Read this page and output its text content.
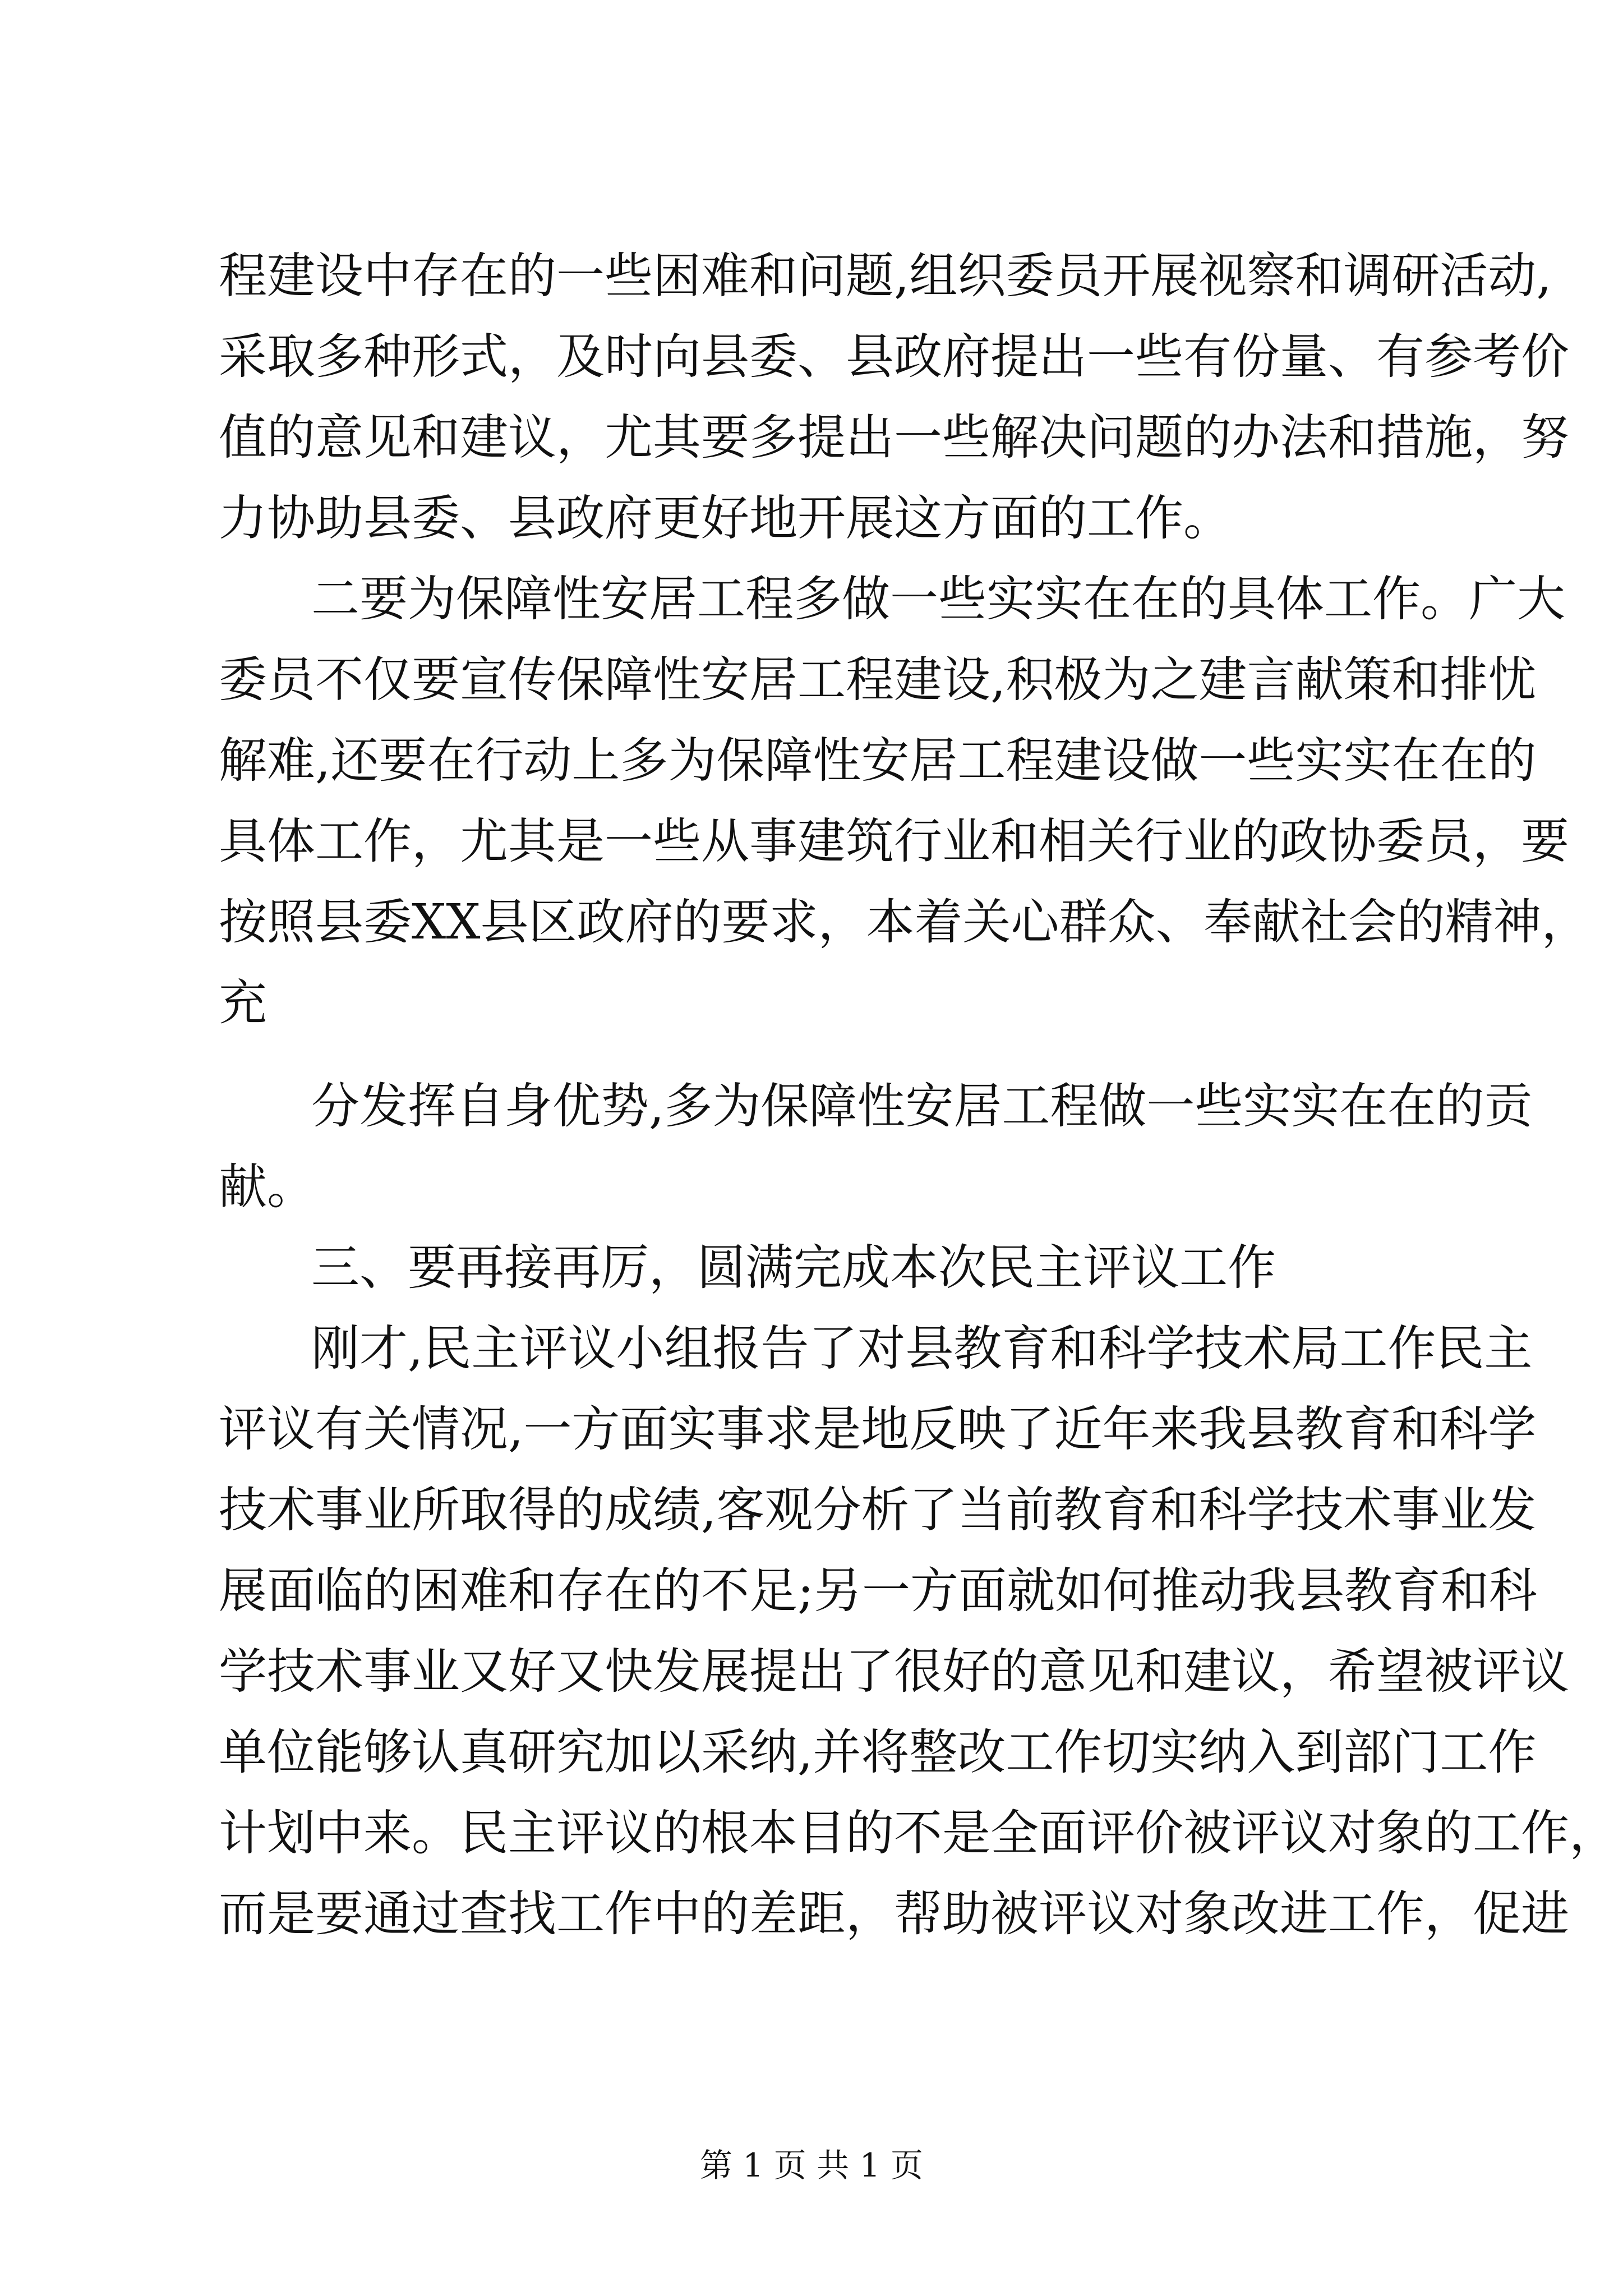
程建设中存在的一些困难和问题,组织委员开展视察和调研活动,
采取多种形式，及时向县委、县政府提出一些有份量、有参考价
值的意见和建议，尤其要多提出一些解决问题的办法和措施，努
力协助县委、县政府更好地开展这方面的工作。
二要为保障性安居工程多做一些实实在在的具体工作。广大
委员不仅要宣传保障性安居工程建设,积极为之建言献策和排忧
解难,还要在行动上多为保障性安居工程建设做一些实实在在的
具体工作，尤其是一些从事建筑行业和相关行业的政协委员，要
按照县委XX县区政府的要求，本着关心群众、奉献社会的精神，
充
分发挥自身优势,多为保障性安居工程做一些实实在在的贡
献。
三、要再接再厉，圆满完成本次民主评议工作
刚才,民主评议小组报告了对县教育和科学技术局工作民主
评议有关情况,一方面实事求是地反映了近年来我县教育和科学
技术事业所取得的成绩,客观分析了当前教育和科学技术事业发
展面临的困难和存在的不足;另一方面就如何推动我县教育和科
学技术事业又好又快发展提出了很好的意见和建议，希望被评议
单位能够认真研究加以采纳,并将整改工作切实纳入到部门工作
计划中来。民主评议的根本目的不是全面评价被评议对象的工作，
而是要通过查找工作中的差距，帮助被评议对象改进工作，促进
第 1 页 共 1 页
